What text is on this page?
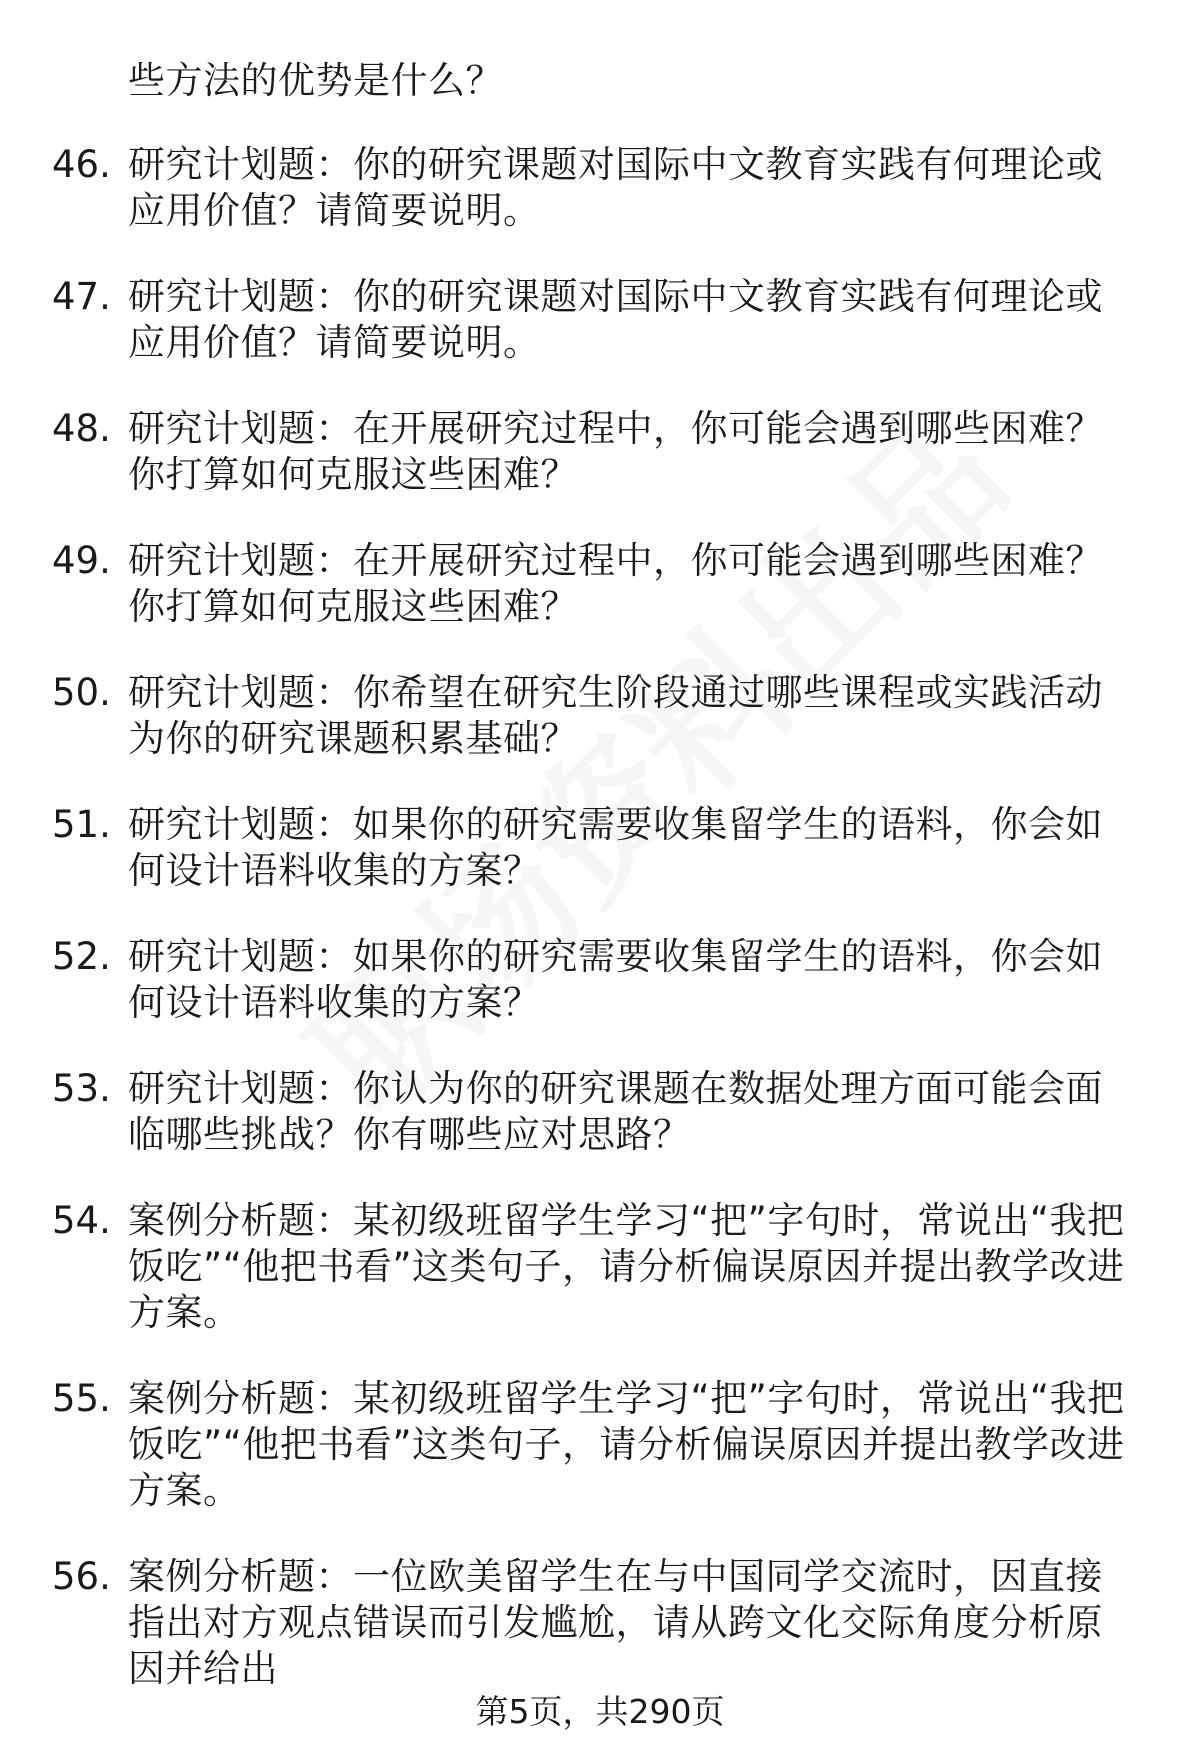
些方法的优势是什么？

46. 研究计划题：你的研究课题对国际中文教育实践有何理论或应用价值？请简要说明。
47. 研究计划题：你的研究课题对国际中文教育实践有何理论或应用价值？请简要说明。
48. 研究计划题：在开展研究过程中，你可能会遇到哪些困难？你打算如何克服这些困难？
49. 研究计划题：在开展研究过程中，你可能会遇到哪些困难？你打算如何克服这些困难？
50. 研究计划题：你希望在研究生阶段通过哪些课程或实践活动为你的研究课题积累基础？
51. 研究计划题：如果你的研究需要收集留学生的语料，你会如何设计语料收集的方案？
52. 研究计划题：如果你的研究需要收集留学生的语料，你会如何设计语料收集的方案？
53. 研究计划题：你认为你的研究课题在数据处理方面可能会面临哪些挑战？你有哪些应对思路？
54. 案例分析题：某初级班留学生学习“把”字句时，常说出“我把饭吃”“他把书看”这类句子，请分析偏误原因并提出教学改进方案。
55. 案例分析题：某初级班留学生学习“把”字句时，常说出“我把饭吃”“他把书看”这类句子，请分析偏误原因并提出教学改进方案。
56. 案例分析题：一位欧美留学生在与中国同学交流时，因直接指出对方观点错误而引发尴尬，请从跨文化交际角度分析原因并给出
第5页，共290页
